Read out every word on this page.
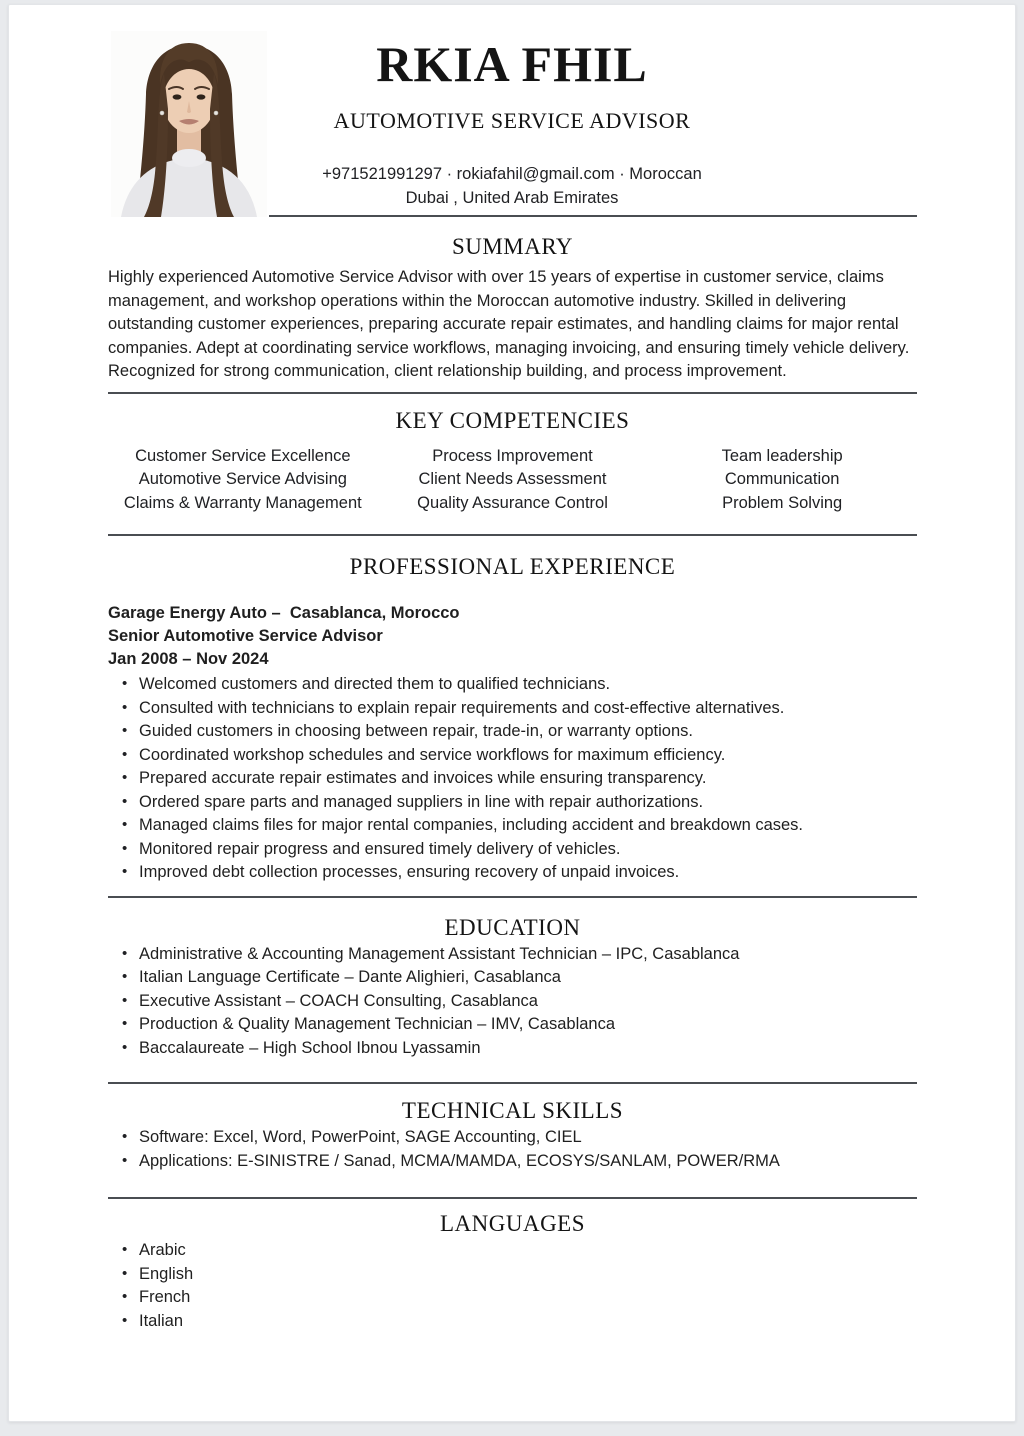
RKIA FHIL
AUTOMOTIVE SERVICE ADVISOR
+971521991297 · rokiafahil@gmail.com · Moroccan
Dubai , United Arab Emirates
SUMMARY

Highly experienced Automotive Service Advisor with over 15 years of expertise in customer service, claims management, and workshop operations within the Moroccan automotive industry. Skilled in delivering outstanding customer experiences, preparing accurate repair estimates, and handling claims for major rental companies. Adept at coordinating service workflows, managing invoicing, and ensuring timely vehicle delivery. Recognized for strong communication, client relationship building, and process improvement.

KEY COMPETENCIES
Customer Service Excellence
Automotive Service Advising
Claims & Warranty Management
Process Improvement
Client Needs Assessment
Quality Assurance Control
Team leadership
Communication
Problem Solving
PROFESSIONAL EXPERIENCE
Garage Energy Auto –  Casablanca, Morocco
Senior Automotive Service Advisor
Jan 2008 – Nov 2024
• Welcomed customers and directed them to qualified technicians.
• Consulted with technicians to explain repair requirements and cost-effective alternatives.
• Guided customers in choosing between repair, trade-in, or warranty options.
• Coordinated workshop schedules and service workflows for maximum efficiency.
• Prepared accurate repair estimates and invoices while ensuring transparency.
• Ordered spare parts and managed suppliers in line with repair authorizations.
• Managed claims files for major rental companies, including accident and breakdown cases.
• Monitored repair progress and ensured timely delivery of vehicles.
• Improved debt collection processes, ensuring recovery of unpaid invoices.
EDUCATION
• Administrative & Accounting Management Assistant Technician – IPC, Casablanca
• Italian Language Certificate – Dante Alighieri, Casablanca
• Executive Assistant – COACH Consulting, Casablanca
• Production & Quality Management Technician – IMV, Casablanca
• Baccalaureate – High School Ibnou Lyassamin
TECHNICAL SKILLS
• Software: Excel, Word, PowerPoint, SAGE Accounting, CIEL
• Applications: E-SINISTRE / Sanad, MCMA/MAMDA, ECOSYS/SANLAM, POWER/RMA
LANGUAGES
• Arabic
• English
• French
• Italian
